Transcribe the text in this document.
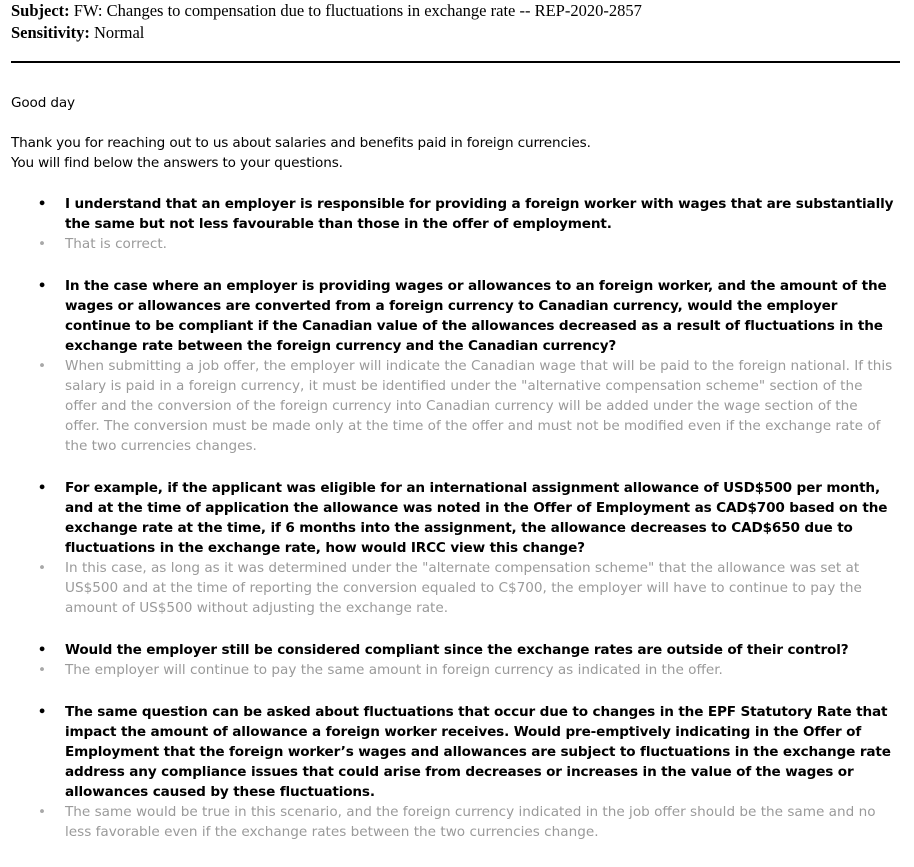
Subject: FW: Changes to compensation due to fluctuations in exchange rate -- REP-2020-2857
Sensitivity: Normal

Good day

Thank you for reaching out to us about salaries and benefits paid in foreign currencies.
You will find below the answers to your questions.

• I understand that an employer is responsible for providing a foreign worker with wages that are substantially the same but not less favourable than those in the offer of employment.
• That is correct.
• In the case where an employer is providing wages or allowances to an foreign worker, and the amount of the wages or allowances are converted from a foreign currency to Canadian currency, would the employer continue to be compliant if the Canadian value of the allowances decreased as a result of fluctuations in the exchange rate between the foreign currency and the Canadian currency?
• When submitting a job offer, the employer will indicate the Canadian wage that will be paid to the foreign national. If this salary is paid in a foreign currency, it must be identified under the "alternative compensation scheme" section of the offer and the conversion of the foreign currency into Canadian currency will be added under the wage section of the offer. The conversion must be made only at the time of the offer and must not be modified even if the exchange rate of the two currencies changes.
• For example, if the applicant was eligible for an international assignment allowance of USD$500 per month, and at the time of application the allowance was noted in the Offer of Employment as CAD$700 based on the exchange rate at the time, if 6 months into the assignment, the allowance decreases to CAD$650 due to fluctuations in the exchange rate, how would IRCC view this change?
• In this case, as long as it was determined under the "alternate compensation scheme" that the allowance was set at US$500 and at the time of reporting the conversion equaled to C$700, the employer will have to continue to pay the amount of US$500 without adjusting the exchange rate.
• Would the employer still be considered compliant since the exchange rates are outside of their control?
• The employer will continue to pay the same amount in foreign currency as indicated in the offer.
• The same question can be asked about fluctuations that occur due to changes in the EPF Statutory Rate that impact the amount of allowance a foreign worker receives. Would pre-emptively indicating in the Offer of Employment that the foreign worker’s wages and allowances are subject to fluctuations in the exchange rate address any compliance issues that could arise from decreases or increases in the value of the wages or allowances caused by these fluctuations.
• The same would be true in this scenario, and the foreign currency indicated in the job offer should be the same and no less favorable even if the exchange rates between the two currencies change.
